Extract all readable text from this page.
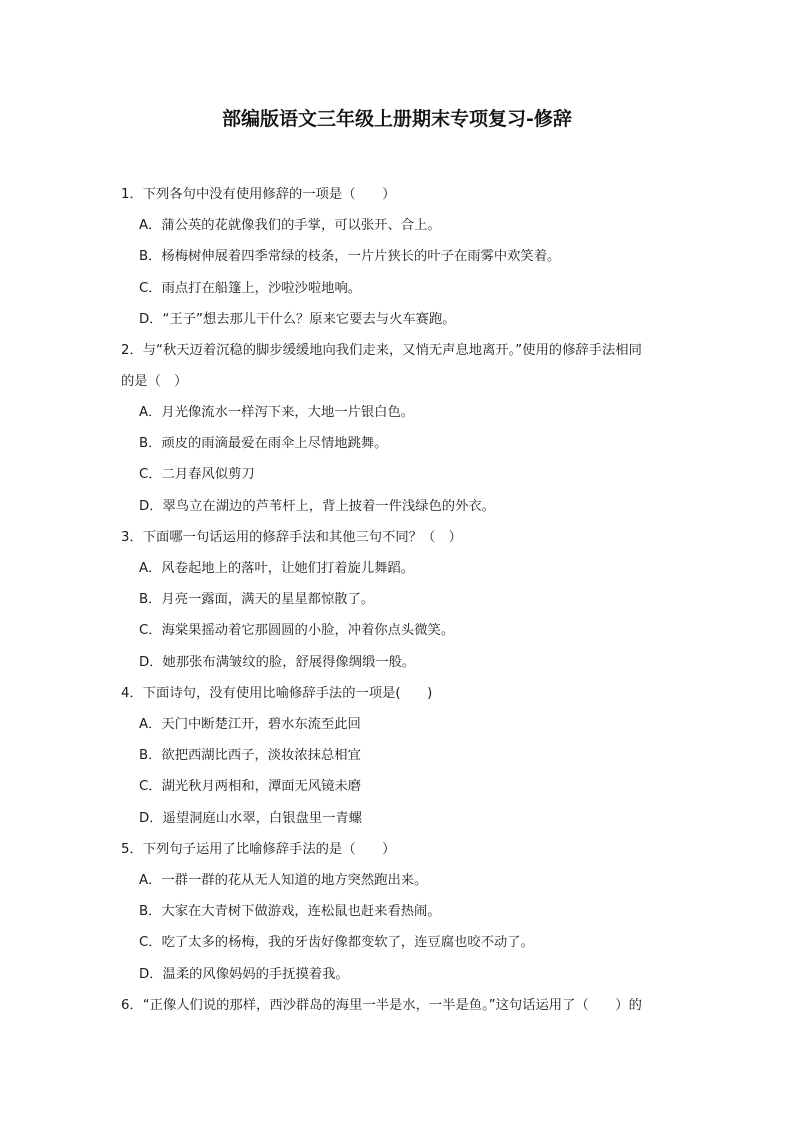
部编版语文三年级上册期末专项复习-修辞
1．下列各句中没有使用修辞的一项是（　　）
A．蒲公英的花就像我们的手掌，可以张开、合上。
B．杨梅树伸展着四季常绿的枝条，一片片狭长的叶子在雨雾中欢笑着。
C．雨点打在船篷上，沙啦沙啦地响。
D．“王子”想去那儿干什么？原来它要去与火车赛跑。
2．与“秋天迈着沉稳的脚步缓缓地向我们走来，又悄无声息地离开。”使用的修辞手法相同
的是（　）
A．月光像流水一样泻下来，大地一片银白色。
B．顽皮的雨滴最爱在雨伞上尽情地跳舞。
C．二月春风似剪刀
D．翠鸟立在湖边的芦苇杆上，背上披着一件浅绿色的外衣。
3．下面哪一句话运用的修辞手法和其他三句不同？（　）
A．风卷起地上的落叶，让她们打着旋儿舞蹈。
B．月亮一露面，满天的星星都惊散了。
C．海棠果摇动着它那圆圆的小脸，冲着你点头微笑。
D．她那张布满皱纹的脸，舒展得像绸缎一般。
4．下面诗句，没有使用比喻修辞手法的一项是(　　)
A．天门中断楚江开，碧水东流至此回
B．欲把西湖比西子，淡妆浓抹总相宜
C．湖光秋月两相和，潭面无风镜未磨
D．遥望洞庭山水翠，白银盘里一青螺
5．下列句子运用了比喻修辞手法的是（　　）
A．一群一群的花从无人知道的地方突然跑出来。
B．大家在大青树下做游戏，连松鼠也赶来看热闹。
C．吃了太多的杨梅，我的牙齿好像都变软了，连豆腐也咬不动了。
D．温柔的风像妈妈的手抚摸着我。
6．“正像人们说的那样，西沙群岛的海里一半是水，一半是鱼。”这句话运用了（　　）的
